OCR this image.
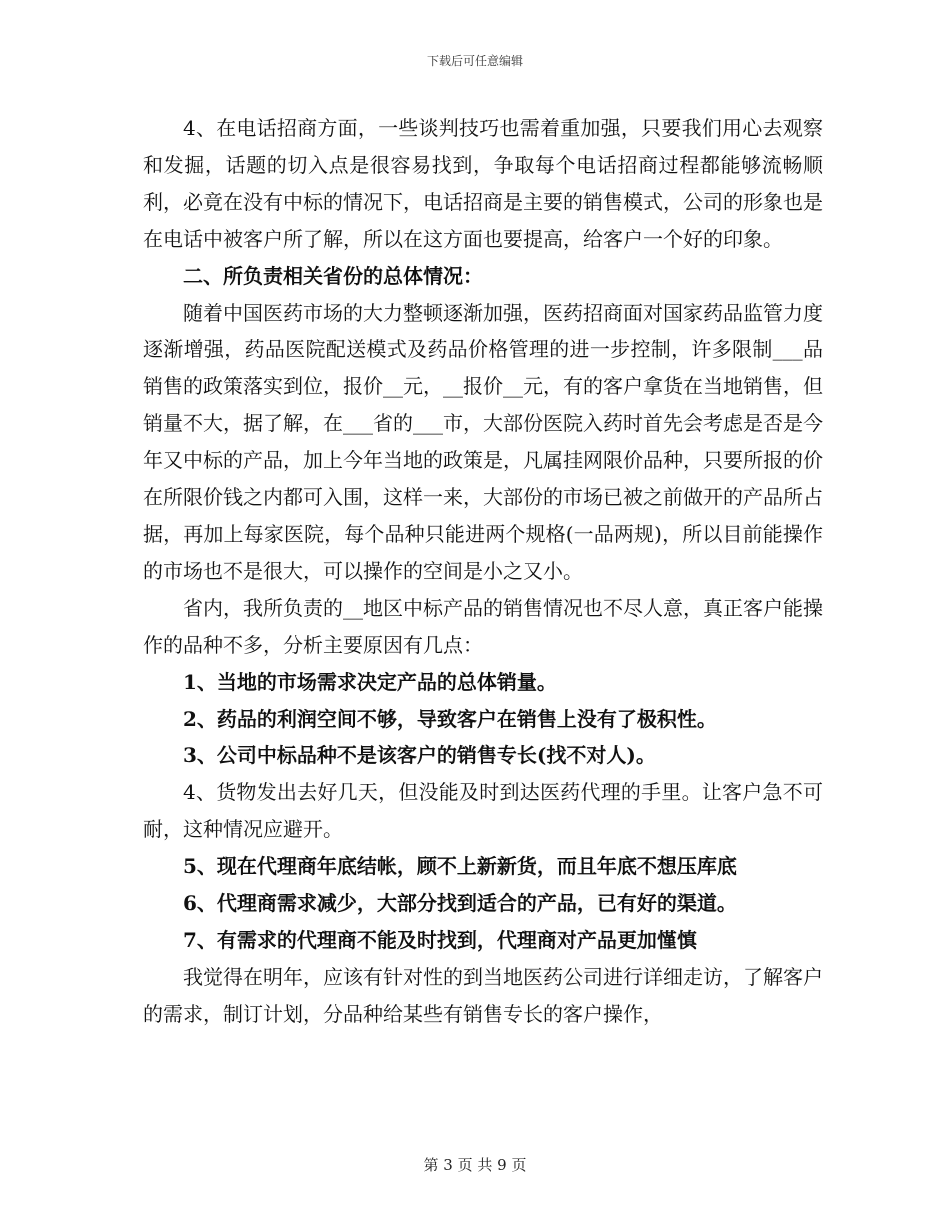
下载后可任意编辑

4、在电话招商方面，一些谈判技巧也需着重加强，只要我们用心去观察和发掘，话题的切入点是很容易找到，争取每个电话招商过程都能够流畅顺利，必竟在没有中标的情况下，电话招商是主要的销售模式，公司的形象也是在电话中被客户所了解，所以在这方面也要提高，给客户一个好的印象。

二、所负责相关省份的总体情况：

随着中国医药市场的大力整顿逐渐加强，医药招商面对国家药品监管力度逐渐增强，药品医院配送模式及药品价格管理的进一步控制，许多限制___品销售的政策落实到位，报价__元，__报价__元，有的客户拿货在当地销售，但销量不大，据了解，在___省的___市，大部份医院入药时首先会考虑是否是今年又中标的产品，加上今年当地的政策是，凡属挂网限价品种，只要所报的价在所限价钱之内都可入围，这样一来，大部份的市场已被之前做开的产品所占据，再加上每家医院，每个品种只能进两个规格(一品两规)，所以目前能操作的市场也不是很大，可以操作的空间是小之又小。

省内，我所负责的__地区中标产品的销售情况也不尽人意，真正客户能操作的品种不多，分析主要原因有几点：

1、当地的市场需求决定产品的总体销量。

2、药品的利润空间不够，导致客户在销售上没有了极积性。

3、公司中标品种不是该客户的销售专长(找不对人)。

4、货物发出去好几天，但没能及时到达医药代理的手里。让客户急不可耐，这种情况应避开。

5、现在代理商年底结帐，顾不上新新货，而且年底不想压库底

6、代理商需求减少，大部分找到适合的产品，已有好的渠道。

7、有需求的代理商不能及时找到，代理商对产品更加慬慎

我觉得在明年，应该有针对性的到当地医药公司进行详细走访，了解客户的需求，制订计划，分品种给某些有销售专长的客户操作，

第 3 页 共 9 页
